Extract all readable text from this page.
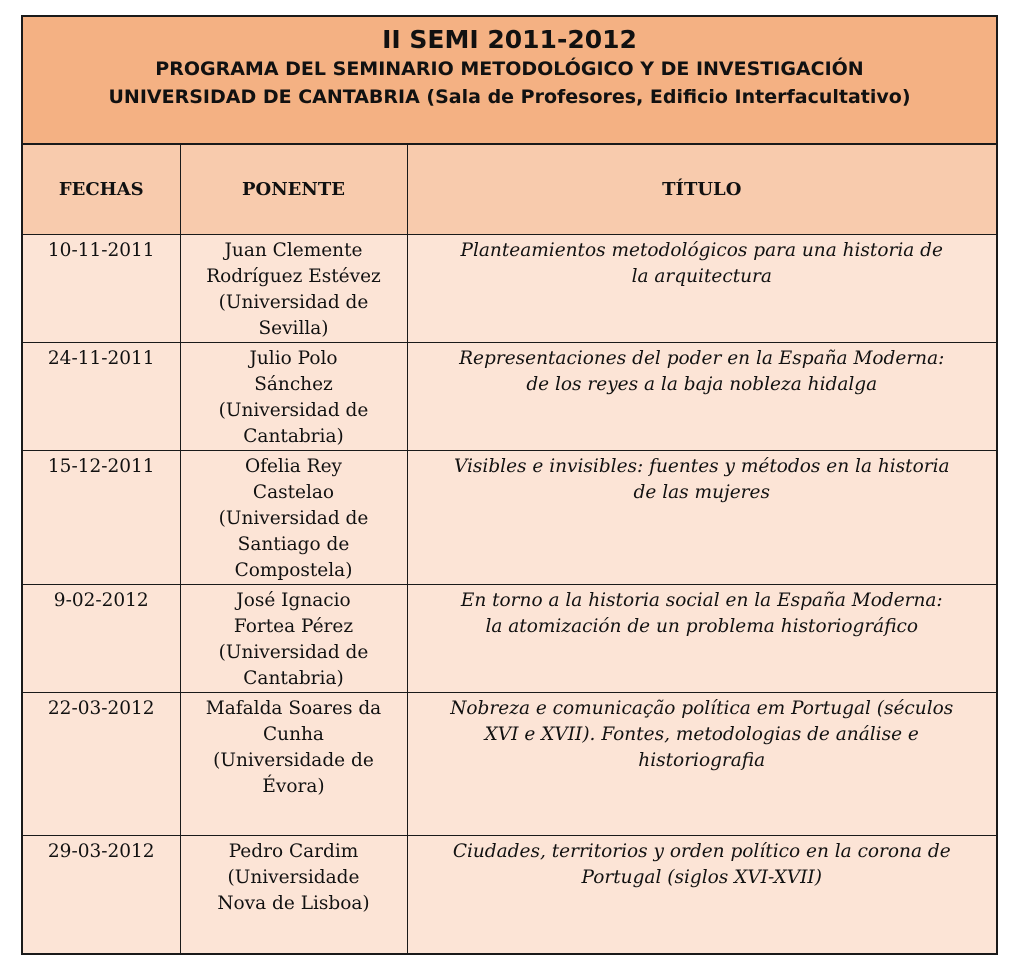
II SEMI 2011-2012
PROGRAMA DEL SEMINARIO METODOLÓGICO Y DE INVESTIGACIÓN
UNIVERSIDAD DE CANTABRIA (Sala de Profesores, Edificio Interfacultativo)
FECHAS	PONENTE	TÍTULO
10-11-2011	Juan Clemente
Rodríguez Estévez
(Universidad de
Sevilla)	Planteamientos metodológicos para una historia de
la arquitectura

24-11-2011	Julio Polo
Sánchez
(Universidad de
Cantabria)	Representaciones del poder en la España Moderna:
de los reyes a la baja nobleza hidalga

15-12-2011	Ofelia Rey
Castelao
(Universidad de
Santiago de
Compostela)	Visibles e invisibles: fuentes y métodos en la historia
de las mujeres

9-02-2012	José Ignacio
Fortea Pérez
(Universidad de
Cantabria)	En torno a la historia social en la España Moderna:
la atomización de un problema historiográfico

22-03-2012	Mafalda Soares da
Cunha
(Universidade de
Évora)	Nobreza e comunicação política em Portugal (séculos
XVI e XVII). Fontes, metodologias de análise e
historiografia

29-03-2012	Pedro Cardim
(Universidade
Nova de Lisboa)	Ciudades, territorios y orden político en la corona de
Portugal (siglos XVI-XVII)
